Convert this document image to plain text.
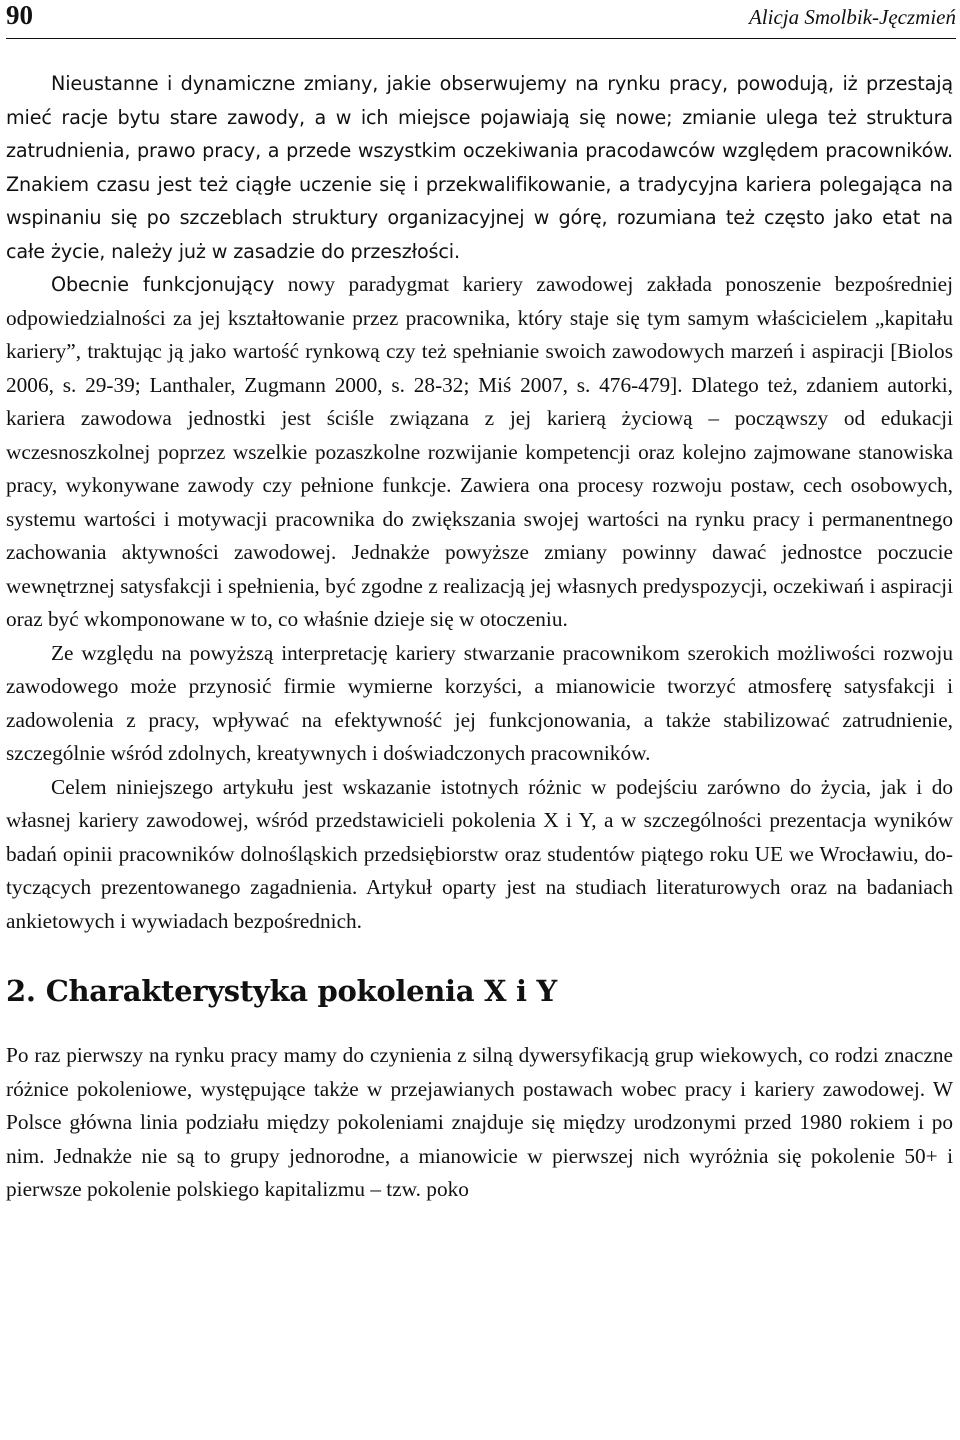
90	Alicja Smolbik-Jęczmień

Nieustanne i dynamiczne zmiany, jakie obserwujemy na rynku pracy, powodują, iż przestają mieć racje bytu stare zawody, a w ich miejsce pojawiają się nowe; zmianie ulega też struktura zatrudnienia, prawo pracy, a przede wszystkim oczekiwania pracodawców względem pracowników. Znakiem czasu jest też ciągłe uczenie się i przekwalifikowanie, a tradycyjna kariera polegająca na wspinaniu się po szczeblach struktury organizacyjnej w górę, rozumiana też często jako etat na całe życie, należy już w zasadzie do przeszłości.

Obecnie funkcjonujący nowy paradygmat kariery zawodowej zakłada ponoszenie bezpośredniej odpowiedzialności za jej kształtowanie przez pracownika, który staje się tym samym właścicielem „kapitału kariery”, traktując ją jako wartość rynkową czy też spełnianie swoich zawodowych marzeń i aspiracji [Biolos 2006, s. 29-39; Lanthaler, Zugmann 2000, s. 28-32; Miś 2007, s. 476-479]. Dlatego też, zdaniem autorki, kariera zawodowa jednostki jest ściśle związana z jej karierą życiową – począwszy od edukacji wczesnoszkolnej poprzez wszelkie pozaszkolne rozwijanie kompetencji oraz kolejno zajmowane stanowiska pracy, wykonywane zawody czy pełnione funkcje. Zawiera ona procesy rozwoju postaw, cech osobowych, systemu wartości i motywacji pracownika do zwiększania swojej wartości na rynku pracy i permanentnego zachowania aktywności zawodowej. Jednakże powyższe zmiany powinny dawać jednostce poczucie wewnętrznej satysfakcji i spełnienia, być zgodne z realizacją jej własnych predyspozycji, oczekiwań i aspiracji oraz być wkomponowane w to, co właśnie dzieje się w otoczeniu.

Ze względu na powyższą interpretację kariery stwarzanie pracownikom szerokich możliwości rozwoju zawodowego może przynosić firmie wymierne korzyści, a mianowicie tworzyć atmosferę satysfakcji i zadowolenia z pracy, wpływać na efektywność jej funkcjonowania, a także stabilizować zatrudnienie, szczególnie wśród zdolnych, kreatywnych i doświadczonych pracowników.

Celem niniejszego artykułu jest wskazanie istotnych różnic w podejściu zarówno do życia, jak i do własnej kariery zawodowej, wśród przedstawicieli pokolenia X i Y, a w szczególności prezentacja wyników badań opinii pracowników dolnośląskich przedsiębiorstw oraz studentów piątego roku UE we Wrocławiu, dotyczących prezentowanego zagadnienia. Artykuł oparty jest na studiach literaturowych oraz na badaniach ankietowych i wywiadach bezpośrednich.

2. Charakterystyka pokolenia X i Y

Po raz pierwszy na rynku pracy mamy do czynienia z silną dywersyfikacją grup wiekowych, co rodzi znaczne różnice pokoleniowe, występujące także w przejawianych postawach wobec pracy i kariery zawodowej. W Polsce główna linia podziału między pokoleniami znajduje się między urodzonymi przed 1980 rokiem i po nim. Jednakże nie są to grupy jednorodne, a mianowicie w pierwszej nich wyróżnia się pokolenie 50+ i pierwsze pokolenie polskiego kapitalizmu – tzw. poko
